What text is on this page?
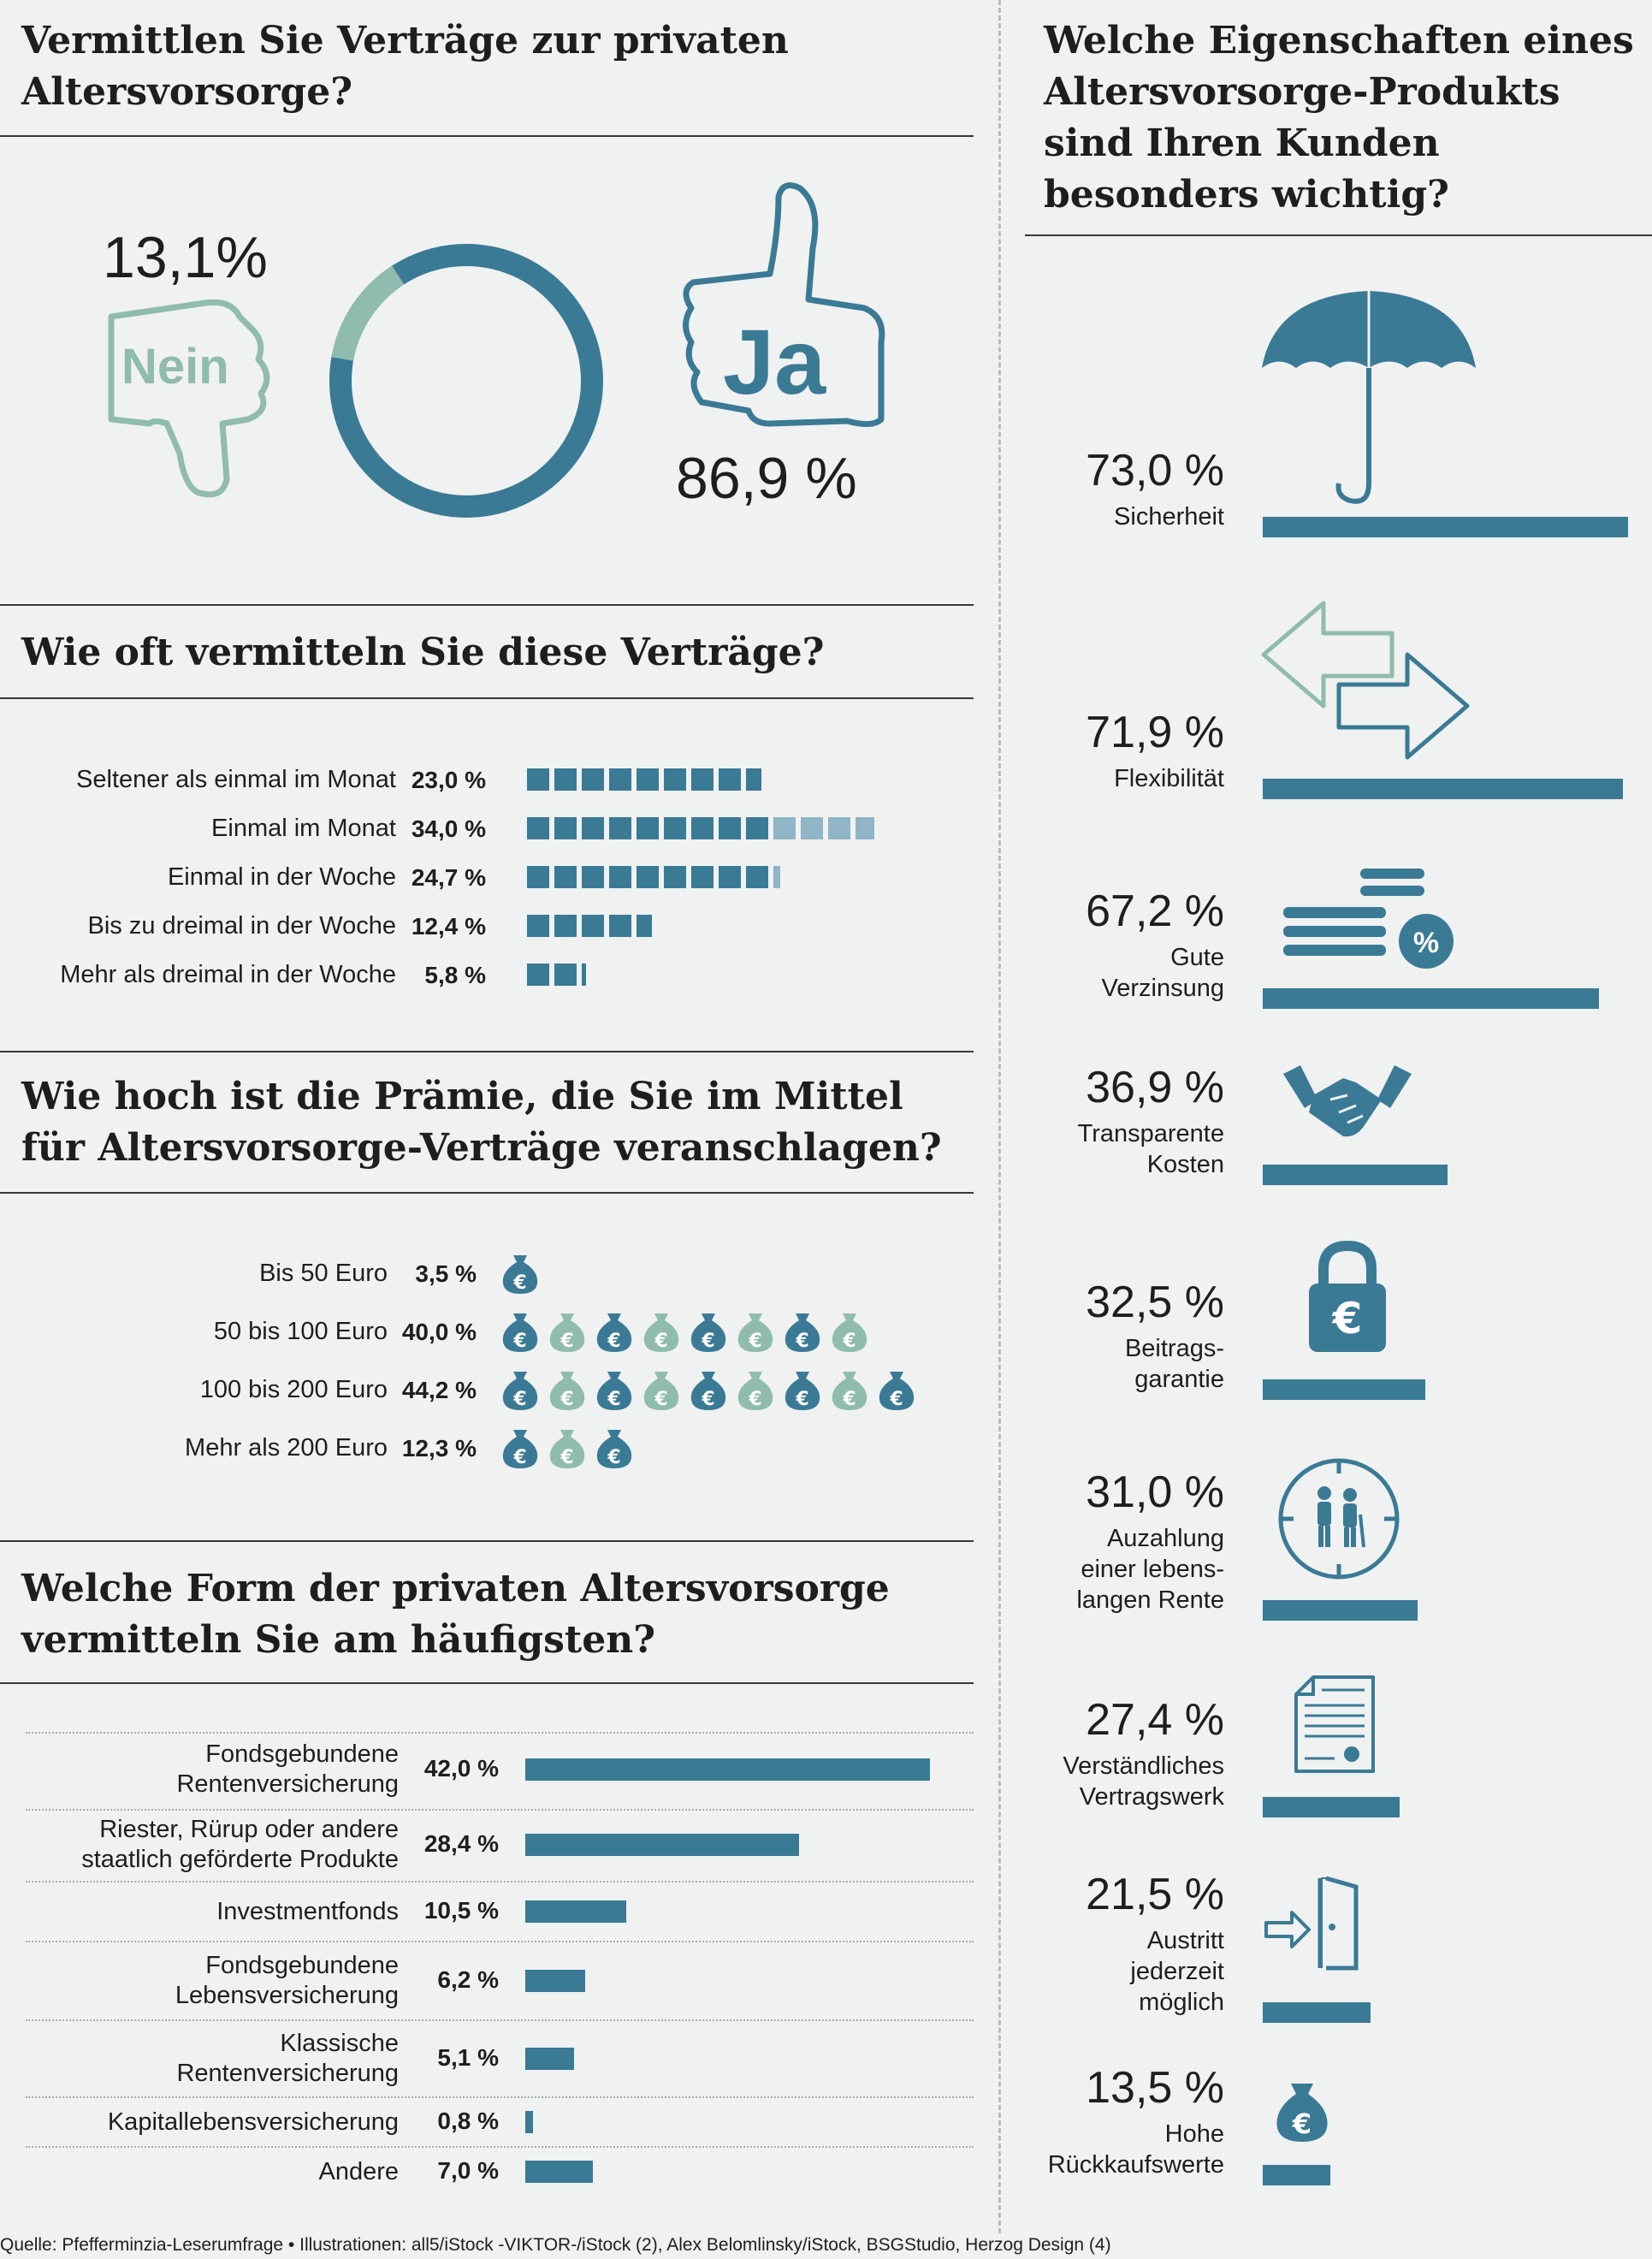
Vermittlen Sie Verträge zur privaten Altersvorsorge?
13,1%
86,9 %
Nein	Ja
Wie oft vermitteln Sie diese Verträge?
Seltener als einmal im Monat 23,0 %
Einmal im Monat 34,0 %
Einmal in der Woche 24,7 %
Bis zu dreimal in der Woche 12,4 %
Mehr als dreimal in der Woche 5,8 %
Wie hoch ist die Prämie, die Sie im Mittel für Altersvorsorge-Verträge veranschlagen?
Bis 50 Euro 3,5 % €
50 bis 100 Euro 40,0 % € € € € € € € €
100 bis 200 Euro 44,2 % € € € € € € € € €
Mehr als 200 Euro 12,3 % € € €
Welche Form der privaten Altersvorsorge vermitteln Sie am häufigsten?
Fondsgebundene
Rentenversicherung
42,0 %
Riester, Rürup oder andere
staatlich geförderte Produkte
28,4 %
Investmentfonds 10,5 %
Fondsgebundene
Lebensversicherung
6,2 %
Klassische
Rentenversicherung
5,1 %
Kapitallebensversicherung 0,8 %
Andere 7,0 %
Welche Eigenschaften eines Altersvorsorge-Produkts sind Ihren Kunden besonders wichtig?
Sicherheit
73,0 %
Flexibilität
71,9 %
Gute
Verzinsung
67,2 %
Transparente
Kosten
36,9 %
Beitrags-
garantie
32,5 %
Auzahlung
einer lebens-
langen Rente
31,0 %
Verständliches
Vertragswerk
27,4 %
Austritt
jederzeit
möglich
21,5 %
Hohe
Rückkaufswerte
13,5 %
%
€
€
Quelle: Pfefferminzia-Leserumfrage • Illustrationen: all5/iStock -VIKTOR-/iStock (2), Alex Belomlinsky/iStock, BSGStudio, Herzog Design (4)
